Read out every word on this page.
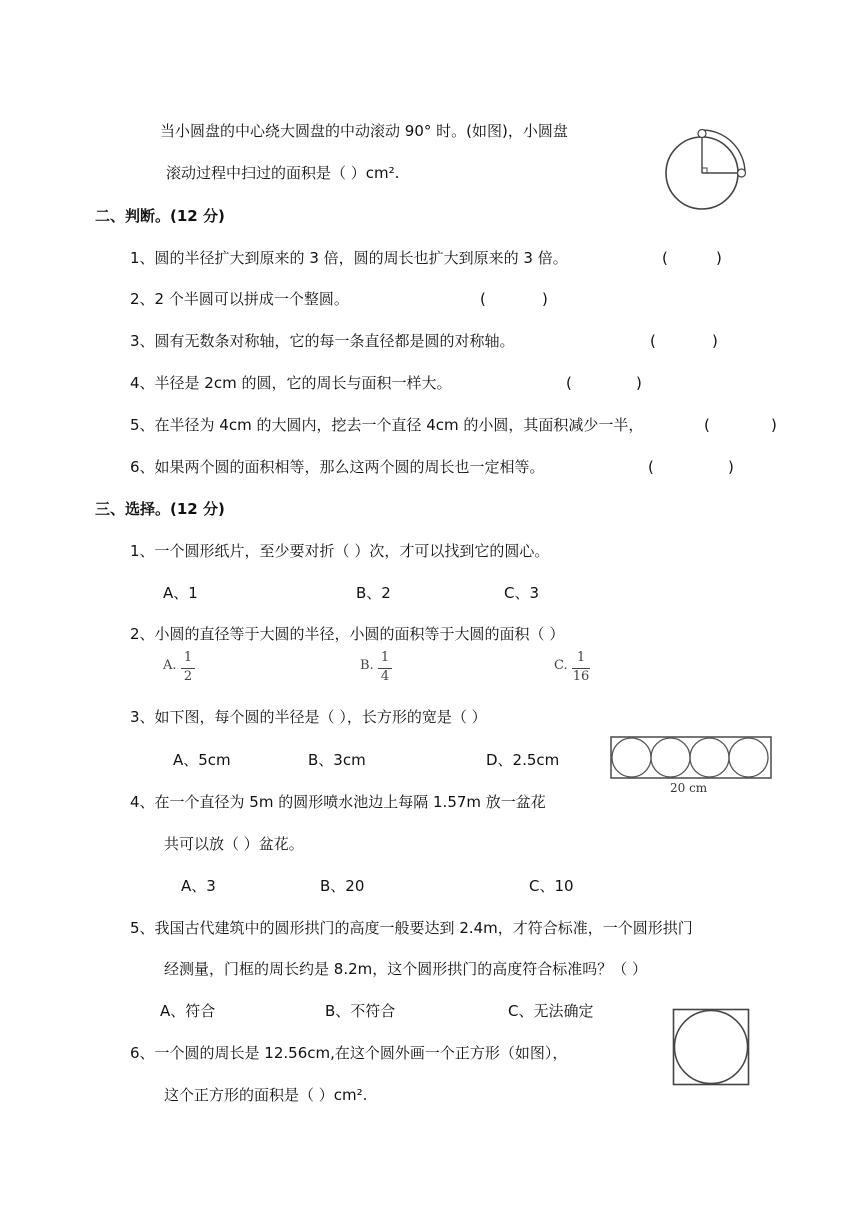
当小圆盘的中心绕大圆盘的中动滚动 90° 时。(如图)，小圆盘
滚动过程中扫过的面积是（ ）cm².
二、判断。(12 分)
1、圆的半径扩大到原来的 3 倍，圆的周长也扩大到原来的 3 倍。	(	)
2、2 个半圆可以拼成一个整圆。	(	)
3、圆有无数条对称轴，它的每一条直径都是圆的对称轴。	(	)
4、半径是 2cm 的圆，它的周长与面积一样大。	(	)
5、在半径为 4cm 的大圆内，挖去一个直径 4cm 的小圆，其面积减少一半，	(	)
6、如果两个圆的面积相等，那么这两个圆的周长也一定相等。	(	)
三、选择。(12 分)
1、一个圆形纸片，至少要对折（ ）次，才可以找到它的圆心。
A、1	B、2	C、3
2、小圆的直径等于大圆的半径，小圆的面积等于大圆的面积（ ）
A.
1
2
B.
1
4
C.
1
16
3、如下图，每个圆的半径是（ ），长方形的宽是（ ）
A、5cm	B、3cm	D、2.5cm
20 cm
4、在一个直径为 5m 的圆形喷水池边上每隔 1.57m 放一盆花
共可以放（ ）盆花。
A、3	B、20	C、10
5、我国古代建筑中的圆形拱门的高度一般要达到 2.4m，才符合标准，一个圆形拱门
经测量，门框的周长约是 8.2m，这个圆形拱门的高度符合标准吗？（ ）
A、符合	B、不符合	C、无法确定
6、一个圆的周长是 12.56cm,在这个圆外画一个正方形（如图），
这个正方形的面积是（ ）cm².
